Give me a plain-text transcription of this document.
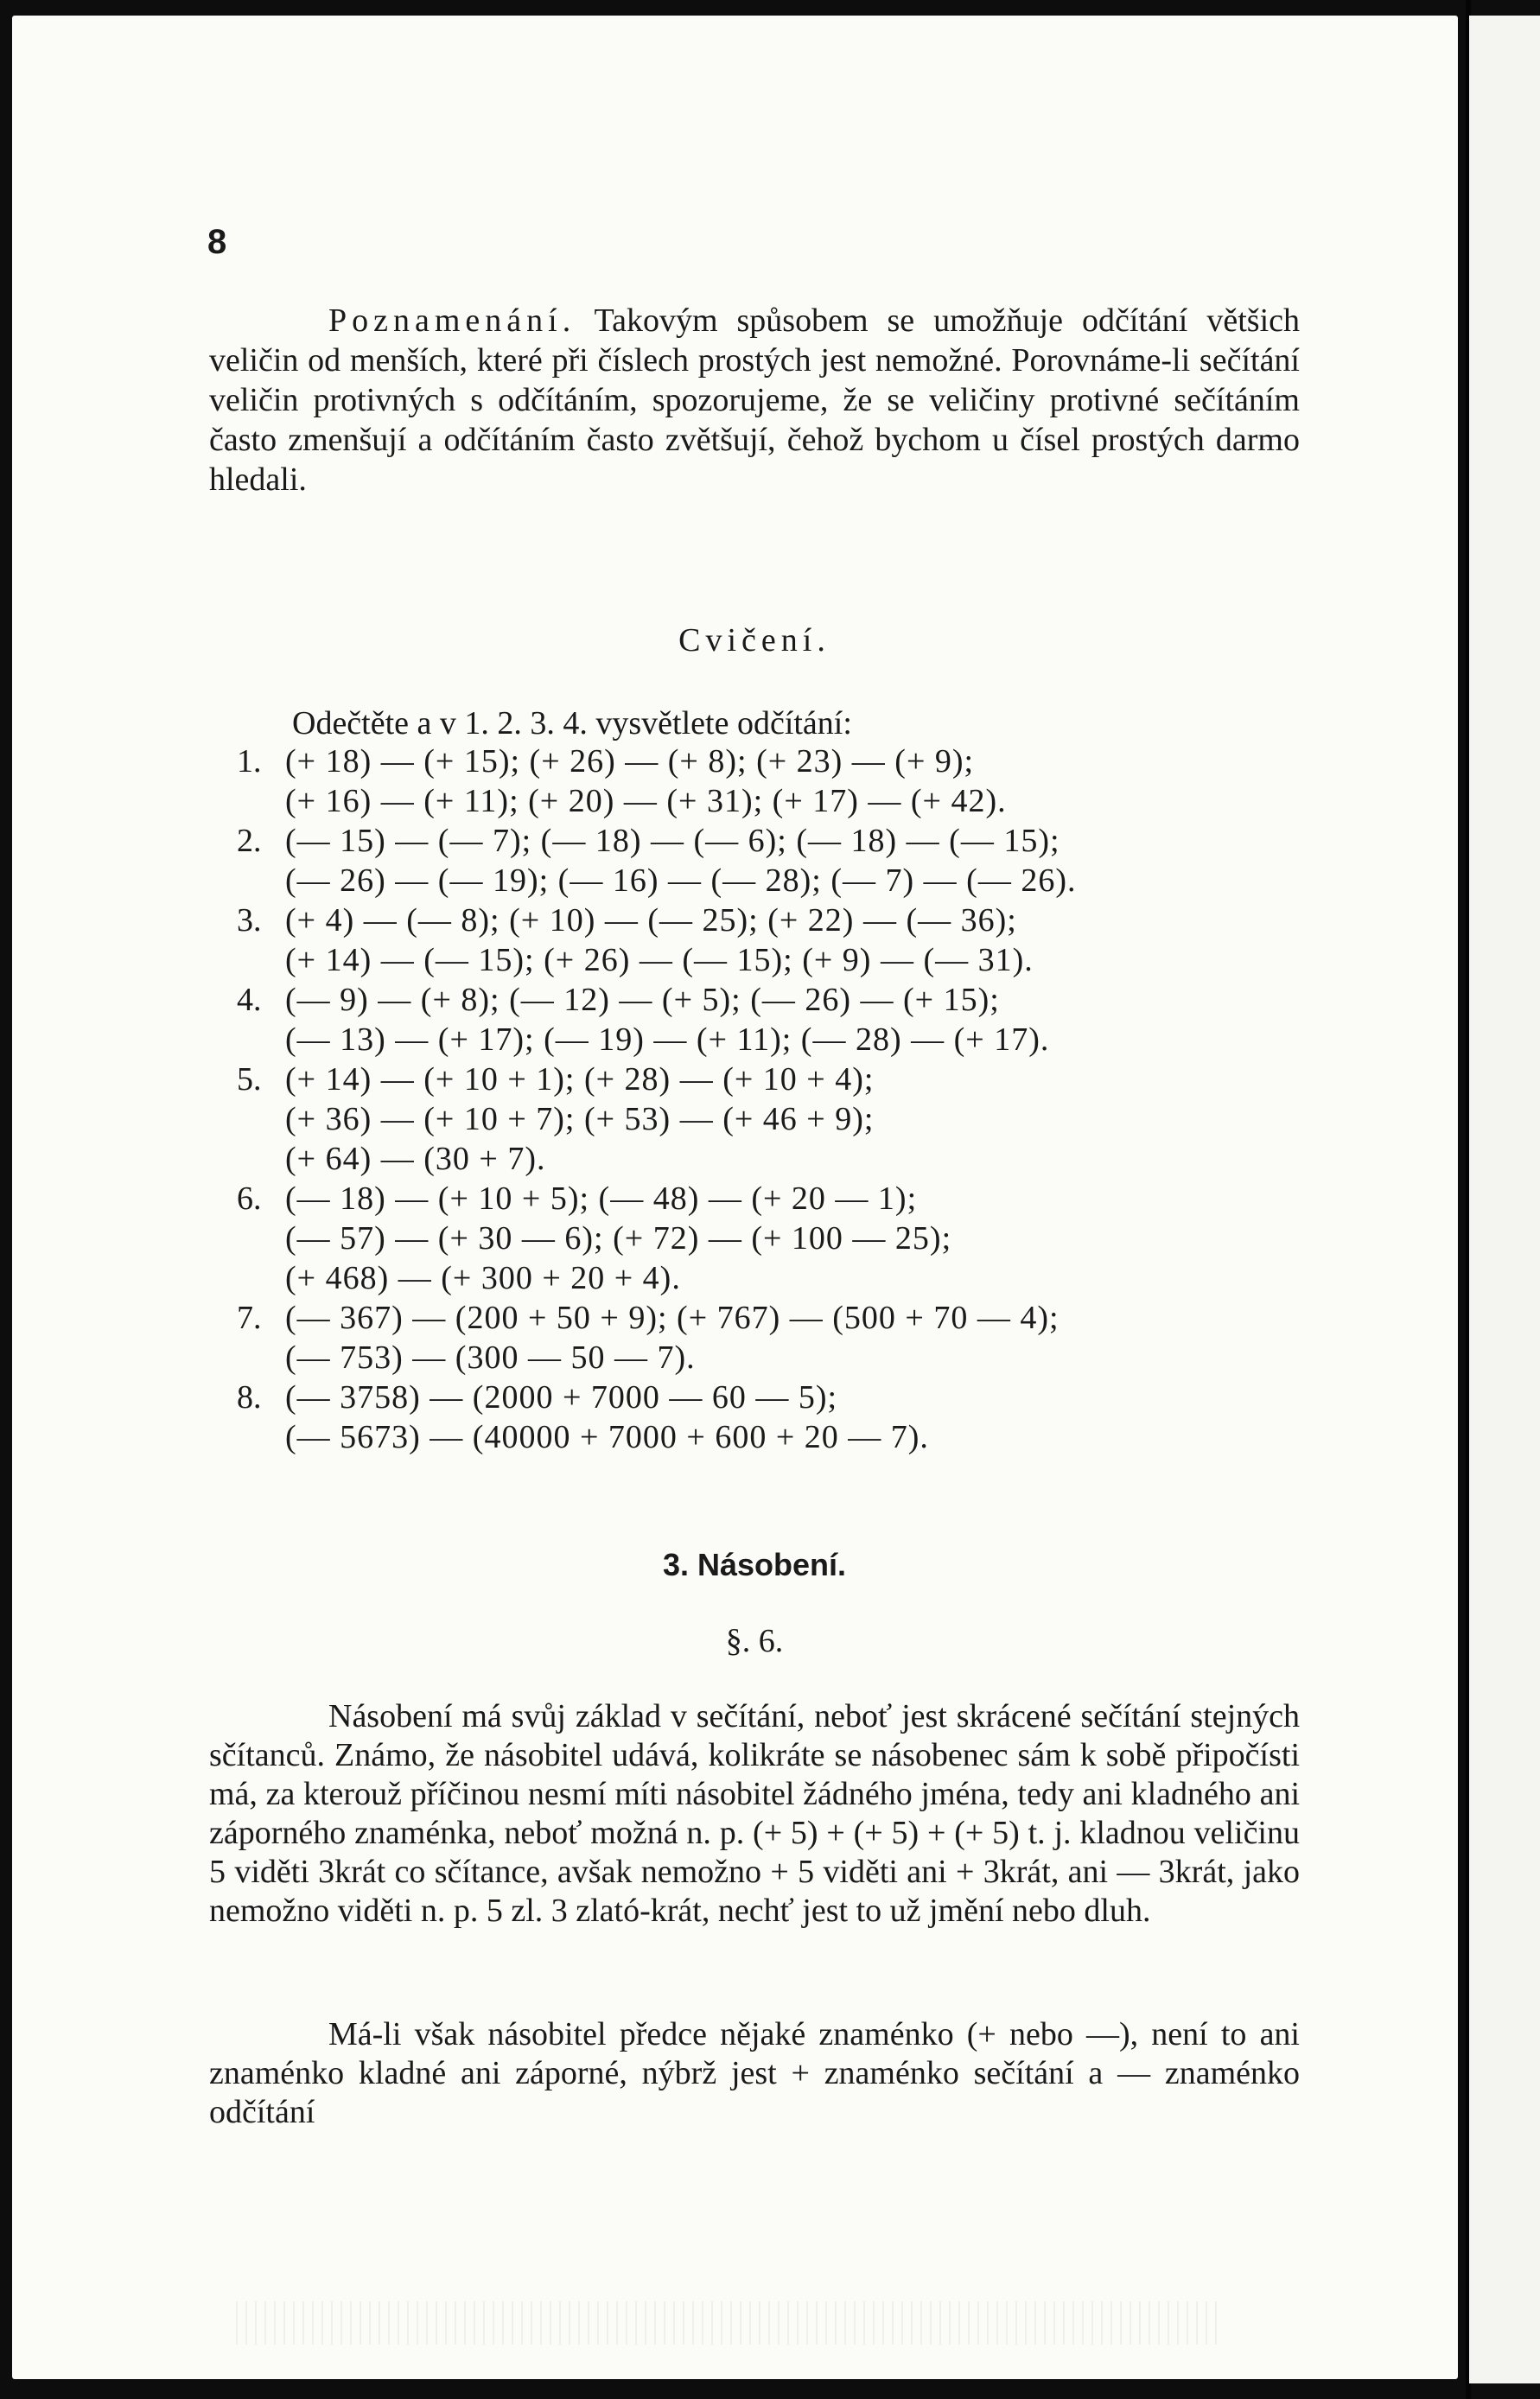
8
Poznamenání. Takovým spůsobem se umožňuje odčítání většich veličin od menších, které při číslech prostých jest nemožné. Porovnáme-li sečítání veličin protivných s odčítáním, spozorujeme, že se veličiny protivné sečítáním často zmenšují a odčítáním často zvětšují, čehož bychom u čísel prostých darmo hledali.
Cvičení.
Odečtěte a v 1. 2. 3. 4. vysvětlete odčítání:
1. (+ 18) — (+ 15); (+ 26) — (+ 8); (+ 23) — (+ 9);
(+ 16) — (+ 11); (+ 20) — (+ 31); (+ 17) — (+ 42).
2. (— 15) — (— 7); (— 18) — (— 6); (— 18) — (— 15);
(— 26) — (— 19); (— 16) — (— 28); (— 7) — (— 26).
3. (+ 4) — (— 8); (+ 10) — (— 25); (+ 22) — (— 36);
(+ 14) — (— 15); (+ 26) — (— 15); (+ 9) — (— 31).
4. (— 9) — (+ 8); (— 12) — (+ 5); (— 26) — (+ 15);
(— 13) — (+ 17); (— 19) — (+ 11); (— 28) — (+ 17).
5. (+ 14) — (+ 10 + 1); (+ 28) — (+ 10 + 4);
(+ 36) — (+ 10 + 7); (+ 53) — (+ 46 + 9);
(+ 64) — (30 + 7).
6. (— 18) — (+ 10 + 5); (— 48) — (+ 20 — 1);
(— 57) — (+ 30 — 6); (+ 72) — (+ 100 — 25);
(+ 468) — (+ 300 + 20 + 4).
7. (— 367) — (200 + 50 + 9); (+ 767) — (500 + 70 — 4);
(— 753) — (300 — 50 — 7).
8. (— 3758) — (2000 + 7000 — 60 — 5);
(— 5673) — (40000 + 7000 + 600 + 20 — 7).
3. Násobení.
§. 6.
Násobení má svůj základ v sečítání, neboť jest skrácené sečítání stejných sčítanců. Známo, že násobitel udává, kolikráte se násobenec sám k sobě připočísti má, za kterouž příčinou nesmí míti násobitel žádného jména, tedy ani kladného ani záporného znaménka, neboť možná n. p. (+ 5) + (+ 5) + (+ 5) t. j. kladnou veličinu 5 viděti 3krát co sčítance, avšak nemožno + 5 viděti ani + 3krát, ani — 3krát, jako nemožno viděti n. p. 5 zl. 3 zlató-krát, nechť jest to už jmění nebo dluh.
Má-li však násobitel předce nějaké znaménko (+ nebo —), není to ani znaménko kladné ani záporné, nýbrž jest + znaménko sečítání a — znaménko odčítání
